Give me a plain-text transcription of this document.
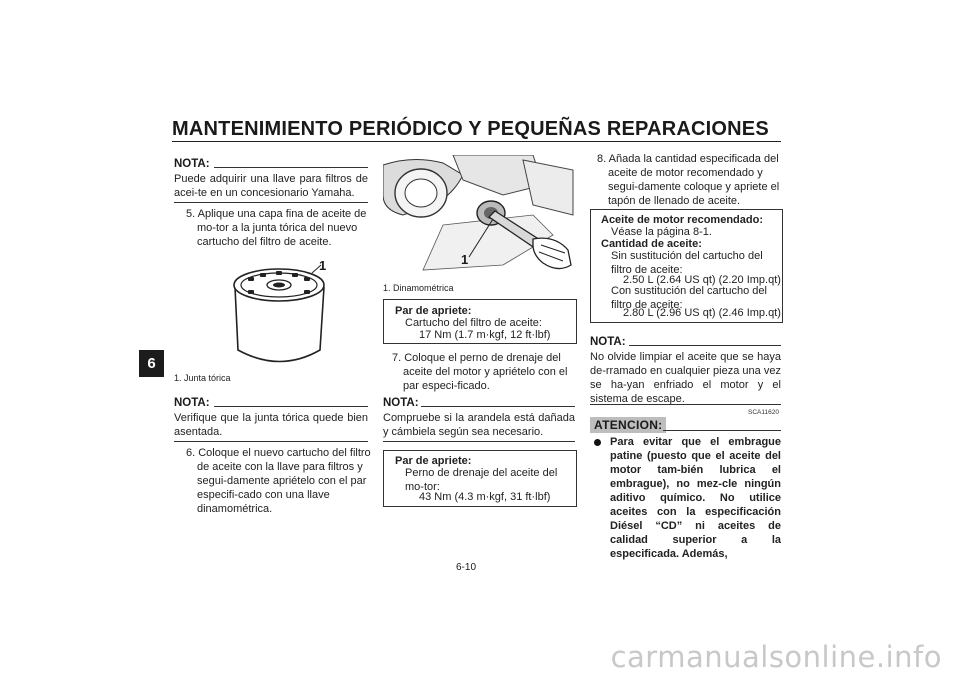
MANTENIMIENTO PERIÓDICO Y PEQUEÑAS REPARACIONES
6
NOTA:
Puede adquirir una llave para filtros de acei-te en un concesionario Yamaha.
5. Aplique una capa fina de aceite de mo-tor a la junta tórica del nuevo cartucho del filtro de aceite.
1
1. Junta tórica
NOTA:
Verifique que la junta tórica quede bien asentada.
6. Coloque el nuevo cartucho del filtro de aceite con la llave para filtros y segui-damente apriételo con el par especifi-cado con una llave dinamométrica.
1
1. Dinamométrica
Par de apriete:
Cartucho del filtro de aceite:
17 Nm (1.7 m·kgf, 12 ft·lbf)
7. Coloque el perno de drenaje del aceite del motor y apriételo con el par especi-ficado.
NOTA:
Compruebe si la arandela está dañada y cámbiela según sea necesario.
Par de apriete:
Perno de drenaje del aceite del mo-tor:
43 Nm (4.3 m·kgf, 31 ft·lbf)
8. Añada la cantidad especificada del aceite de motor recomendado y segui-damente coloque y apriete el tapón de llenado de aceite.
Aceite de motor recomendado:
Véase la página 8-1.
Cantidad de aceite:
Sin sustitución del cartucho del filtro de aceite:
2.50 L (2.64 US qt) (2.20 Imp.qt)
Con sustitución del cartucho del filtro de aceite:
2.80 L (2.96 US qt) (2.46 Imp.qt)
NOTA:
No olvide limpiar el aceite que se haya de-rramado en cualquier pieza una vez se ha-yan enfriado el motor y el sistema de escape.
SCA11620
ATENCION:
Para evitar que el embrague patine (puesto que el aceite del motor tam-bién lubrica el embrague), no mez-cle ningún aditivo químico. No utilice aceites con la especificación Diésel “CD” ni aceites de calidad superior a la especificada. Además,
6-10
carmanualsonline.info
